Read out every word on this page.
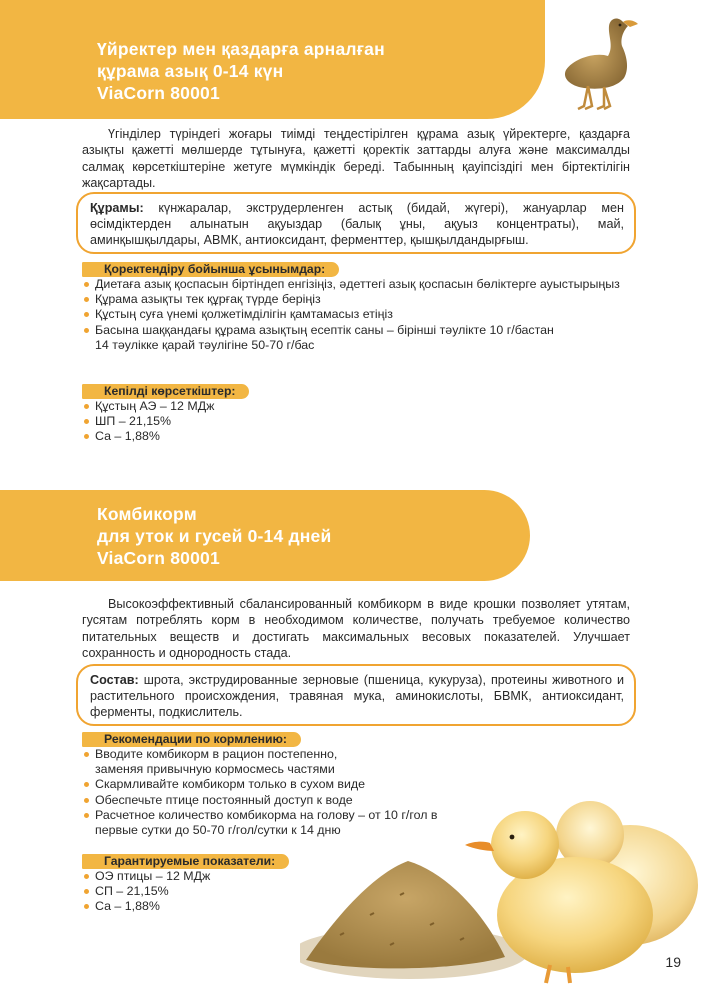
Үйректер мен қаздарға арналған
құрама азық 0-14 күн
ViaCorn 80001
Үгінділер түріндегі жоғары тиімді теңдестірілген құрама азық үйректерге, қаздарға азықты қажетті мөлшерде тұтынуға, қажетті қоректік заттарды алуға және максималды салмақ көрсеткіштеріне жетуге мүмкіндік береді. Табынның қауіпсіздігі мен біртектілігін жақсартады.
Құрамы: күнжаралар, экструдерленген астық (бидай, жүгері), жануарлар мен өсімдіктерден алынатын ақуыздар (балық ұны, ақуыз концентраты), май, аминқышқылдары, АВМК, антиоксидант, ферменттер, қышқылдандырғыш.
Қоректендіру бойынша ұсынымдар:
Диетаға азық қоспасын біртіндеп енгізіңіз, әдеттегі азық қоспасын бөліктерге ауыстырыңыз
Құрама азықты тек құрғақ түрде беріңіз
Құстың суға үнемі қолжетімділігін қамтамасыз етіңіз
Басына шаққандағы құрама азықтың есептік саны – бірінші тәулікте 10 г/бастан 14 тәулікке қарай тәулігіне 50-70 г/бас
Кепілді көрсеткіштер:
Құстың АЭ – 12 МДж
ШП – 21,15%
Са – 1,88%
Комбикорм
для уток и гусей 0-14 дней
ViaCorn 80001
Высокоэффективный сбалансированный комбикорм в виде крошки позволяет утятам, гусятам потреблять корм в необходимом количестве, получать требуемое количество питательных веществ и достигать максимальных весовых показателей. Улучшает сохранность и однородность стада.
Состав: шрота, экструдированные зерновые (пшеница, кукуруза), протеины животного и растительного происхождения, травяная мука, аминокислоты, БВМК, антиоксидант, ферменты, подкислитель.
Рекомендации по кормлению:
Вводите комбикорм в рацион постепенно, заменяя привычную кормосмесь частями
Скармливайте комбикорм только в сухом виде
Обеспечьте птице постоянный доступ к воде
Расчетное количество комбикорма на голову – от 10 г/гол в первые сутки до 50-70 г/гол/сутки к 14 дню
Гарантируемые показатели:
ОЭ птицы – 12 МДж
СП – 21,15%
Са – 1,88%
19
